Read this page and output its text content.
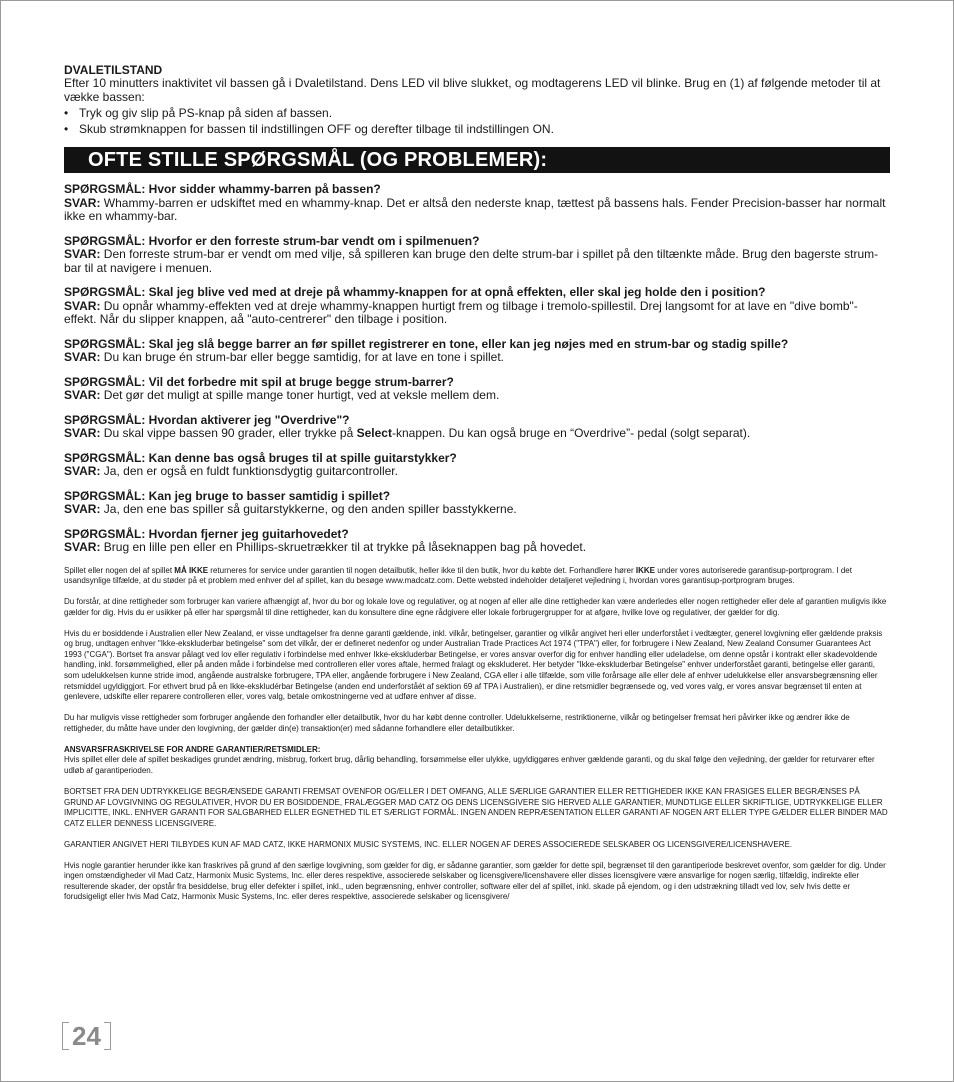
DVALETILSTAND
Efter 10 minutters inaktivitet vil bassen gå i Dvaletilstand. Dens LED vil blive slukket, og modtagerens LED vil blinke. Brug en (1) af følgende metoder til at vække bassen:
• Tryk og giv slip på PS-knap på siden af bassen.
• Skub strømknappen for bassen til indstillingen OFF og derefter tilbage til indstillingen ON.
OFTE STILLE SPØRGSMÅL (OG PROBLEMER):
SPØRGSMÅL: Hvor sidder whammy-barren på bassen?
SVAR: Whammy-barren er udskiftet med en whammy-knap. Det er altså den nederste knap, tættest på bassens hals. Fender Precision-basser har normalt ikke en whammy-bar.
SPØRGSMÅL: Hvorfor er den forreste strum-bar vendt om i spilmenuen?
SVAR: Den forreste strum-bar er vendt om med vilje, så spilleren kan bruge den delte strum-bar i spillet på den tiltænkte måde. Brug den bagerste strum-bar til at navigere i menuen.
SPØRGSMÅL: Skal jeg blive ved med at dreje på whammy-knappen for at opnå effekten, eller skal jeg holde den i position?
SVAR: Du opnår whammy-effekten ved at dreje whammy-knappen hurtigt frem og tilbage i tremolo-spillestil. Drej langsomt for at lave en "dive bomb"-effekt. Når du slipper knappen, aå "auto-centrerer" den tilbage i position.
SPØRGSMÅL: Skal jeg slå begge barrer an før spillet registrerer en tone, eller kan jeg nøjes med en strum-bar og stadig spille?
SVAR: Du kan bruge én strum-bar eller begge samtidig, for at lave en tone i spillet.
SPØRGSMÅL: Vil det forbedre mit spil at bruge begge strum-barrer?
SVAR: Det gør det muligt at spille mange toner hurtigt, ved at veksle mellem dem.
SPØRGSMÅL: Hvordan aktiverer jeg "Overdrive"?
SVAR: Du skal vippe bassen 90 grader, eller trykke på Select-knappen. Du kan også bruge en “Overdrive”- pedal (solgt separat).
SPØRGSMÅL: Kan denne bas også bruges til at spille guitarstykker?
SVAR: Ja, den er også en fuldt funktionsdygtig guitarcontroller.
SPØRGSMÅL: Kan jeg bruge to basser samtidig i spillet?
SVAR: Ja, den ene bas spiller så guitarstykkerne, og den anden spiller basstykkerne.
SPØRGSMÅL: Hvordan fjerner jeg guitarhovedet?
SVAR: Brug en lille pen eller en Phillips-skruetrækker til at trykke på låseknappen bag på hovedet.

Spillet eller nogen del af spillet MÅ IKKE returneres for service under garantien til nogen detailbutik, heller ikke til den butik, hvor du købte det. Forhandlere hører IKKE under vores autoriserede garantisup-portprogram. I det usandsynlige tilfælde, at du støder på et problem med enhver del af spillet, kan du besøge www.madcatz.com. Dette websted indeholder detaljeret vejledning i, hvordan vores garantisup-portprogram bruges.

Du forstår, at dine rettigheder som forbruger kan variere afhængigt af, hvor du bor og lokale love og regulativer, og at nogen af eller alle dine rettigheder kan være anderledes eller nogen rettigheder eller dele af garantien muligvis ikke gælder for dig. Hvis du er usikker på eller har spørgsmål til dine rettigheder, kan du konsultere dine egne rådgivere eller lokale forbrugergrupper for at afgøre, hvilke love og regulativer, der gælder for dig.

Hvis du er bosiddende i Australien eller New Zealand, er visse undtagelser fra denne garanti gældende, inkl. vilkår, betingelser, garantier og vilkår angivet heri eller underforstået i vedtægter, generel lovgivning eller gældende praksis og brug, undtagen enhver "Ikke-ekskluderbar betingelse" som det vilkår, der er defineret nedenfor og under Australian Trade Practices Act 1974 ("TPA") eller, for forbrugere i New Zealand, New Zealand Consumer Guarantees Act 1993 ("CGA"). Bortset fra ansvar pålagt ved lov eller regulativ i forbindelse med enhver Ikke-ekskluderbar Betingelse, er vores ansvar overfor dig for enhver handling eller udeladelse, om denne opstår i kontrakt eller skadevoldende handling, inkl. forsømmelighed, eller på anden måde i forbindelse med controlleren eller vores aftale, hermed fralagt og ekskluderet. Her betyder "Ikke-ekskluderbar Betingelse" enhver underforstået garanti, betingelse eller garanti, som udelukkelsen kunne stride imod, angående australske forbrugere, TPA eller, angående forbrugere i New Zealand, CGA eller i alle tilfælde, som ville forårsage alle eller dele af enhver udelukkelse eller ansvarsbegrænsning eller retsmiddel ugyldiggjort. For ethvert brud på en Ikke-ekskludérbar Betingelse (anden end underforståét af sektion 69 af TPA i Australien), er dine retsmidler begrænsede og, ved vores valg, er vores ansvar begrænset til enten at genlevere, udskifte eller reparere controlleren eller, vores valg, betale omkostningerne ved at udføre enhver af disse.

Du har muligvis visse rettigheder som forbruger angående den forhandler eller detailbutik, hvor du har købt denne controller. Udelukkelserne, restriktionerne, vilkår og betingelser fremsat heri påvirker ikke og ændrer ikke de rettigheder, du måtte have under den lovgivning, der gælder din(e) transaktion(er) med sådanne forhandlere eller detailbutikker.

ANSVARSFRASKRIVELSE FOR ANDRE GARANTIER/RETSMIDLER:

Hvis spillet eller dele af spillet beskadiges grundet ændring, misbrug, forkert brug, dårlig behandling, forsømmelse eller ulykke, ugyldiggøres enhver gældende garanti, og du skal følge den vejledning, der gælder for returvarer efter udløb af garantiperioden.

BORTSET FRA DEN UDTRYKKELIGE BEGRÆNSEDE GARANTI FREMSAT OVENFOR OG/ELLER I DET OMFANG, ALLE SÆRLIGE GARANTIER ELLER RETTIGHEDER IKKE KAN FRASIGES ELLER BEGRÆNSES PÅ GRUND AF LOVGIVNING OG REGULATIVER, HVOR DU ER BOSIDDENDE, FRALÆGGER MAD CATZ OG DENS LICENSGIVERE SIG HERVED ALLE GARANTIER, MUNDTLIGE ELLER SKRIFTLIGE, UDTRYKKELIGE ELLER IMPLICITTE, INKL. ENHVER GARANTI FOR SALGBARHED ELLER EGNETHED TIL ET SÆRLIGT FORMÅL. INGEN ANDEN REPRÆSENTATION ELLER GARANTI AF NOGEN ART ELLER TYPE GÆLDER ELLER BINDER MAD CATZ ELLER DENNESS LICENSGIVERE.

GARANTIER ANGIVET HERI TILBYDES KUN AF MAD CATZ, IKKE HARMONIX MUSIC SYSTEMS, INC. ELLER NOGEN AF DERES ASSOCIEREDE SELSKABER OG LICENSGIVERE/LICENSHAVERE.

Hvis nogle garantier herunder ikke kan fraskrives på grund af den særlige lovgivning, som gælder for dig, er sådanne garantier, som gælder for dette spil, begrænset til den garantiperiode beskrevet ovenfor, som gælder for dig. Under ingen omstændigheder vil Mad Catz, Harmonix Music Systems, Inc. eller deres respektive, associerede selskaber og licensgivere/licenshavere eller disses licensgivere være ansvarlige for nogen særlig, tilfældig, indirekte eller resulterende skader, der opstår fra besiddelse, brug eller defekter i spillet, inkl., uden begrænsning, enhver controller, software eller del af spillet, inkl. skade på ejendom, og i den udstrækning tilladt ved lov, selv hvis dette er forudsigeligt eller hvis Mad Catz, Harmonix Music Systems, Inc. eller deres respektive, associerede selskaber og licensgivere/

24
